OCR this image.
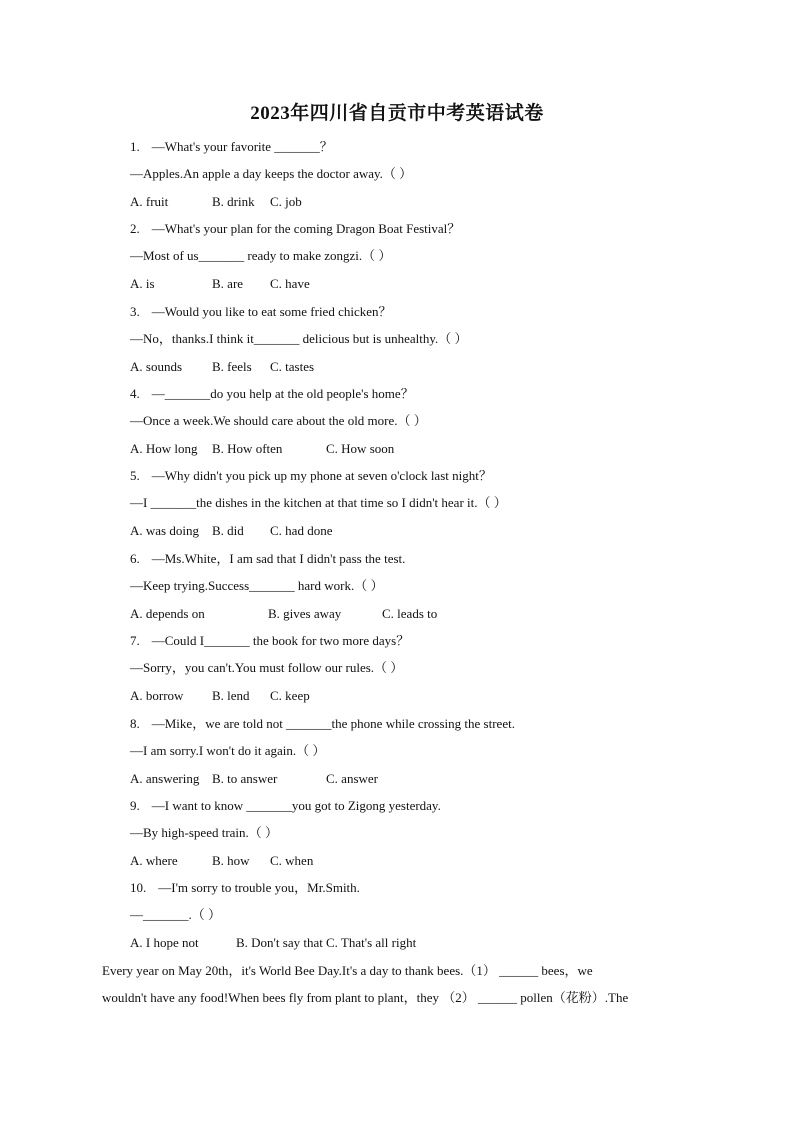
2023年四川省自贡市中考英语试卷
1. —What's your favorite _______？
—Apples.An apple a day keeps the doctor away.（ ）
A. fruit	B. drink C. job
2. —What's your plan for the coming Dragon Boat Festival？
—Most of us_______ ready to make zongzi.（ ）
A. is	B. are C. have
3. —Would you like to eat some fried chicken？
—No，thanks.I think it_______ delicious but is unhealthy.（ ）
A. sounds B. feels C. tastes
4. —_______do you help at the old people's home？
—Once a week.We should care about the old more.（ ）
A. How long B. How often	C. How soon
5. —Why didn't you pick up my phone at seven o'clock last night？
—I _______the dishes in the kitchen at that time so I didn't hear it.（ ）
A. was doing B. did C. had done
6. —Ms.White，I am sad that I didn't pass the test.
—Keep trying.Success_______ hard work.（ ）
A. depends on	B. gives away	C. leads to
7. —Could I_______ the book for two more days？
—Sorry，you can't.You must follow our rules.（ ）
A. borrow B. lend C. keep
8. —Mike，we are told not _______the phone while crossing the street.
—I am sorry.I won't do it again.（ ）
A. answering B. to answer	C. answer
9. —I want to know _______you got to Zigong yesterday.
—By high-speed train.（ ）
A. where	B. how C. when
10. —I'm sorry to trouble you，Mr.Smith.
—_______.（ ）
A. I hope not	B. Don't say that C. That's all right
Every year on May 20th，it's World Bee Day.It's a day to thank bees.（1） ______ bees，we
wouldn't have any food!When bees fly from plant to plant，they （2） ______ pollen（花粉）.The
